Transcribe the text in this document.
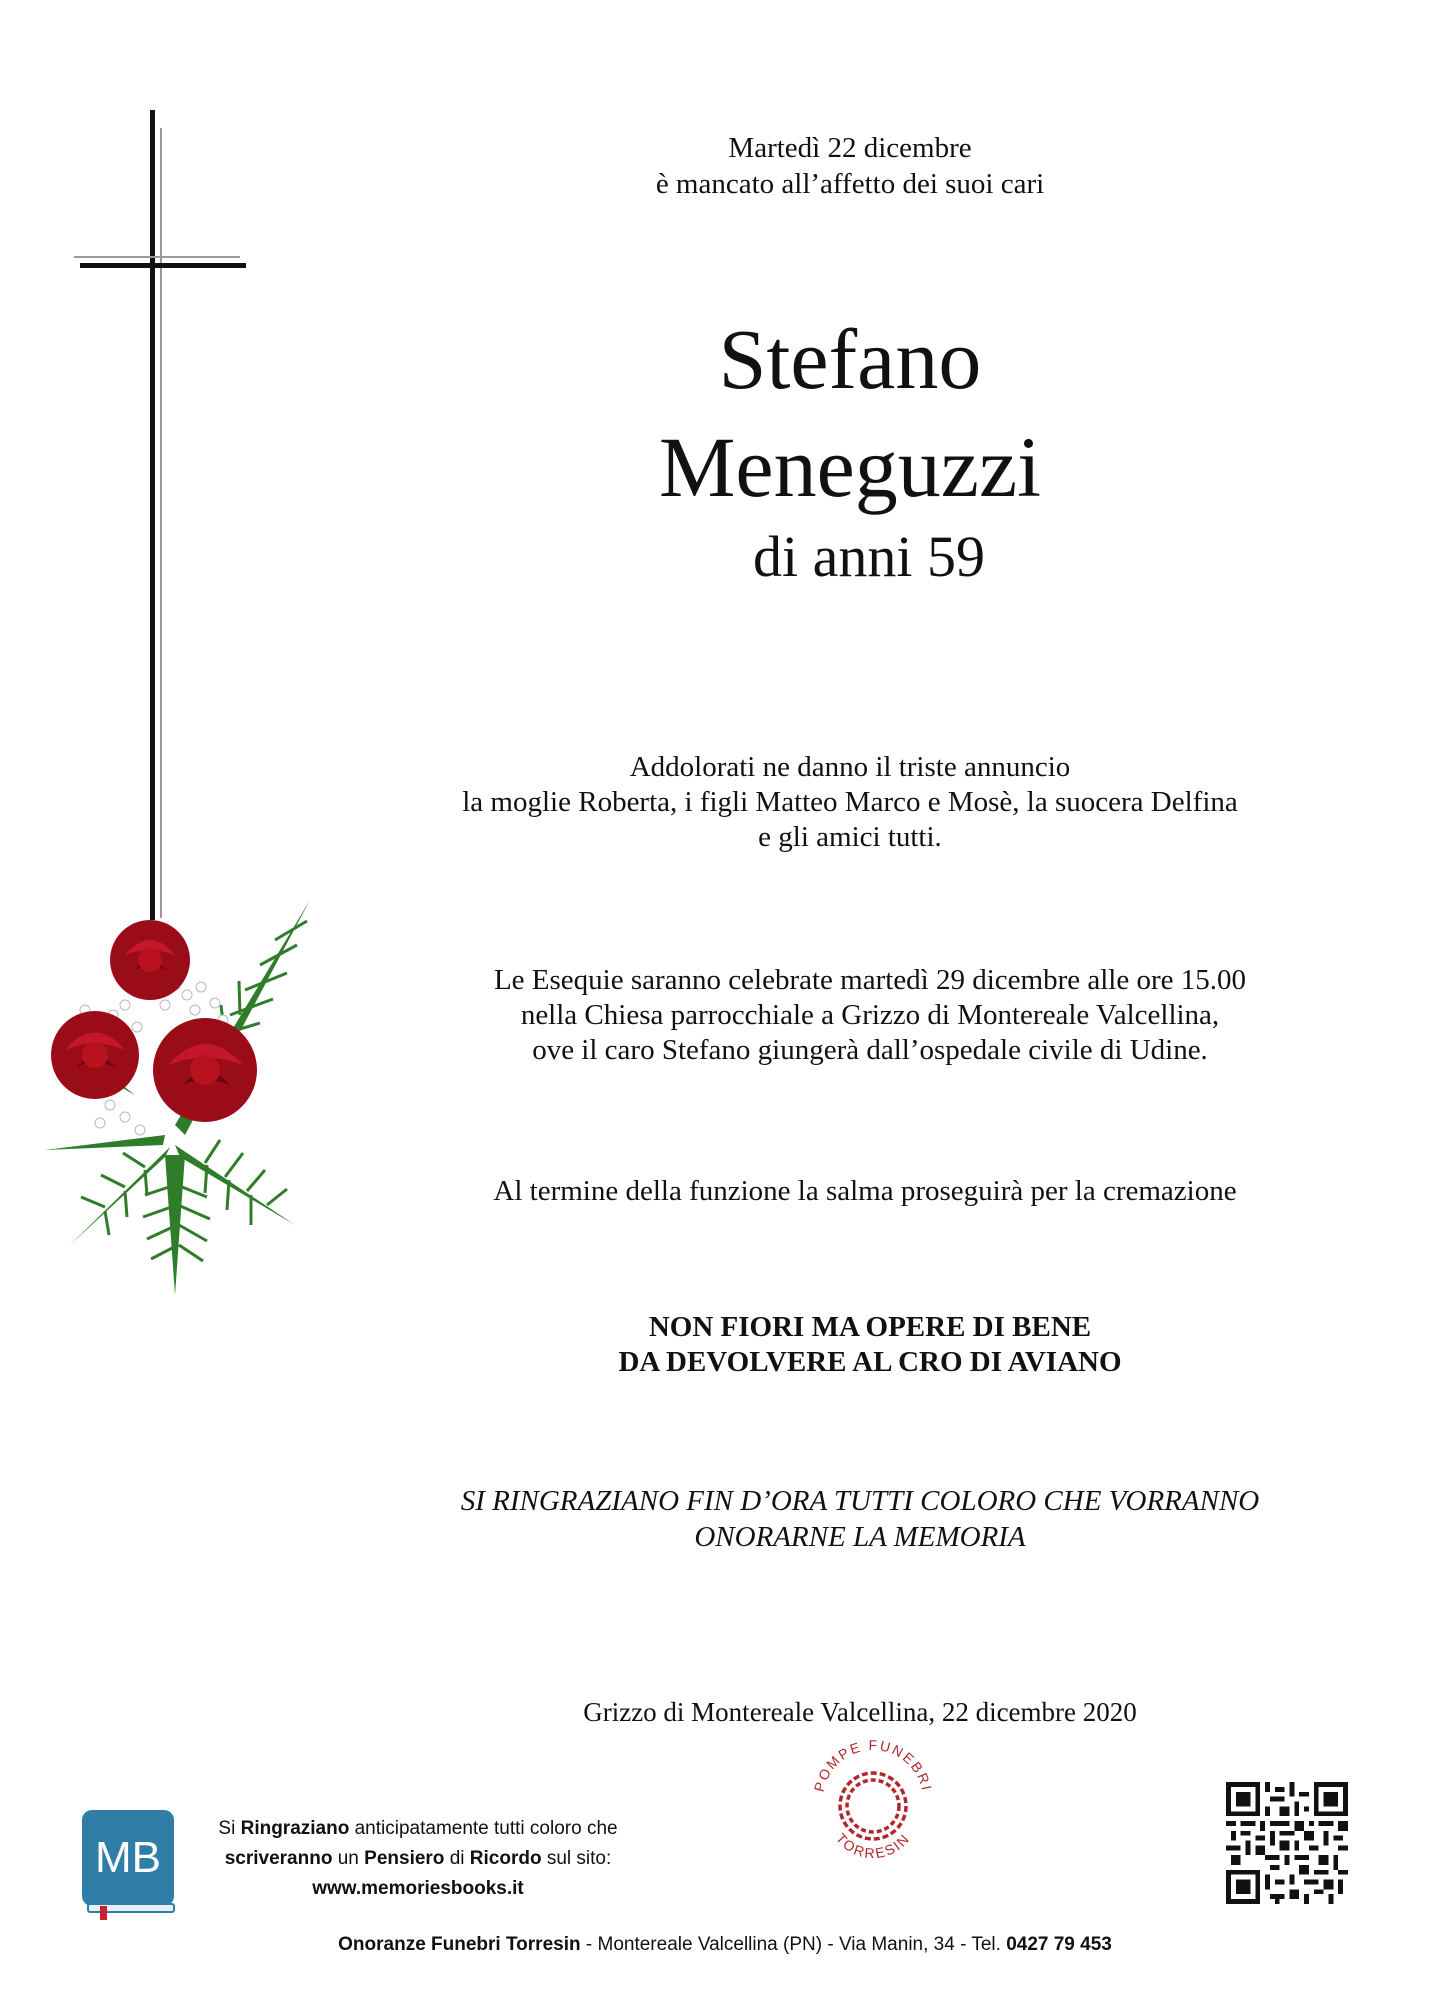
Martedì 22 dicembre
è mancato all’affetto dei suoi cari
Stefano
Meneguzzi
di anni 59
Addolorati ne danno il triste annuncio
la moglie Roberta, i figli Matteo Marco e Mosè, la suocera Delfina
e gli amici tutti.
Le Esequie saranno celebrate martedì 29 dicembre alle ore 15.00
nella Chiesa parrocchiale a Grizzo di Montereale Valcellina,
ove il caro Stefano giungerà dall’ospedale civile di Udine.
Al termine della funzione la salma proseguirà per la cremazione
NON FIORI MA OPERE DI BENE
DA DEVOLVERE AL CRO DI AVIANO
SI RINGRAZIANO FIN D’ORA TUTTI COLORO CHE VORRANNO
ONORARNE LA MEMORIA
Grizzo di Montereale Valcellina, 22 dicembre 2020
MB
Si Ringraziano anticipatamente tutti coloro che
scriveranno un Pensiero di Ricordo sul sito:
www.memoriesbooks.it
POMPE FUNEBRI
TORRESIN
Onoranze Funebri Torresin - Montereale Valcellina (PN) - Via Manin, 34 - Tel. 0427 79 453
